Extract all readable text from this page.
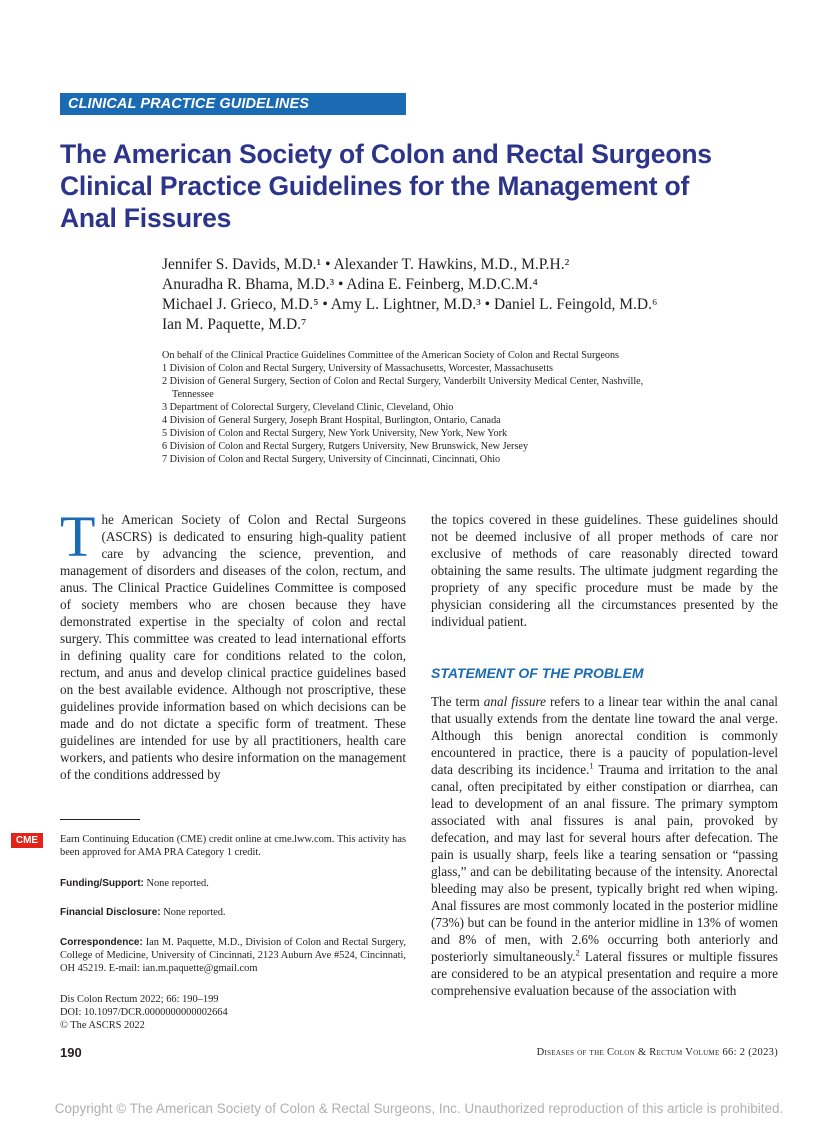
CLINICAL PRACTICE GUIDELINES
The American Society of Colon and Rectal Surgeons
Clinical Practice Guidelines for the Management of
Anal Fissures
Jennifer S. Davids, M.D.¹ • Alexander T. Hawkins, M.D., M.P.H.²
Anuradha R. Bhama, M.D.³ • Adina E. Feinberg, M.D.C.M.⁴
Michael J. Grieco, M.D.⁵ • Amy L. Lightner, M.D.³ • Daniel L. Feingold, M.D.⁶
Ian M. Paquette, M.D.⁷
On behalf of the Clinical Practice Guidelines Committee of the American Society of Colon and Rectal Surgeons
1 Division of Colon and Rectal Surgery, University of Massachusetts, Worcester, Massachusetts
2 Division of General Surgery, Section of Colon and Rectal Surgery, Vanderbilt University Medical Center, Nashville,
Tennessee
3 Department of Colorectal Surgery, Cleveland Clinic, Cleveland, Ohio
4 Division of General Surgery, Joseph Brant Hospital, Burlington, Ontario, Canada
5 Division of Colon and Rectal Surgery, New York University, New York, New York
6 Division of Colon and Rectal Surgery, Rutgers University, New Brunswick, New Jersey
7 Division of Colon and Rectal Surgery, University of Cincinnati, Cincinnati, Ohio

The American Society of Colon and Rectal Surgeons (ASCRS) is dedicated to ensuring high-quality patient care by advancing the science, prevention, and management of disorders and diseases of the colon, rectum, and anus. The Clinical Practice Guidelines Committee is composed of society members who are chosen because they have demonstrated expertise in the specialty of colon and rectal surgery. This committee was created to lead international efforts in defining quality care for conditions related to the colon, rectum, and anus and develop clinical practice guidelines based on the best available evidence. Although not proscriptive, these guidelines provide information based on which decisions can be made and do not dictate a specific form of treatment. These guidelines are intended for use by all practitioners, health care workers, and patients who desire information on the management of the conditions addressed by

the topics covered in these guidelines. These guidelines should not be deemed inclusive of all proper methods of care nor exclusive of methods of care reasonably directed toward obtaining the same results. The ultimate judgment regarding the propriety of any specific procedure must be made by the physician considering all the circumstances presented by the individual patient.

STATEMENT OF THE PROBLEM

The term anal fissure refers to a linear tear within the anal canal that usually extends from the dentate line toward the anal verge. Although this benign anorectal condition is commonly encountered in practice, there is a paucity of population-level data describing its incidence.$^1$ Trauma and irritation to the anal canal, often precipitated by either constipation or diarrhea, can lead to development of an anal fissure. The primary symptom associated with anal fissures is anal pain, provoked by defecation, and may last for several hours after defecation. The pain is usually sharp, feels like a tearing sensation or “passing glass,” and can be debilitating because of the intensity. Anorectal bleeding may also be present, typically bright red when wiping. Anal fissures are most commonly located in the posterior midline (73%) but can be found in the anterior midline in 13% of women and 8% of men, with 2.6% occurring both anteriorly and posteriorly simultaneously.$^2$ Lateral fissures or multiple fissures are considered to be an atypical presentation and require a more comprehensive evaluation because of the association with

CME	Earn Continuing Education (CME) credit online at cme.lww.com. This activity has been approved for AMA PRA Category 1 credit.
Funding/Support: None reported.
Financial Disclosure: None reported.
Correspondence: Ian M. Paquette, M.D., Division of Colon and Rectal Surgery, College of Medicine, University of Cincinnati, 2123 Auburn Ave #524, Cincinnati, OH 45219. E-mail: ian.m.paquette@gmail.com
Dis Colon Rectum 2022; 66: 190–199
DOI: 10.1097/DCR.0000000000002664
© The ASCRS 2022
190	Diseases of the Colon & Rectum Volume 66: 2 (2023)
Copyright © The American Society of Colon & Rectal Surgeons, Inc. Unauthorized reproduction of this article is prohibited.
